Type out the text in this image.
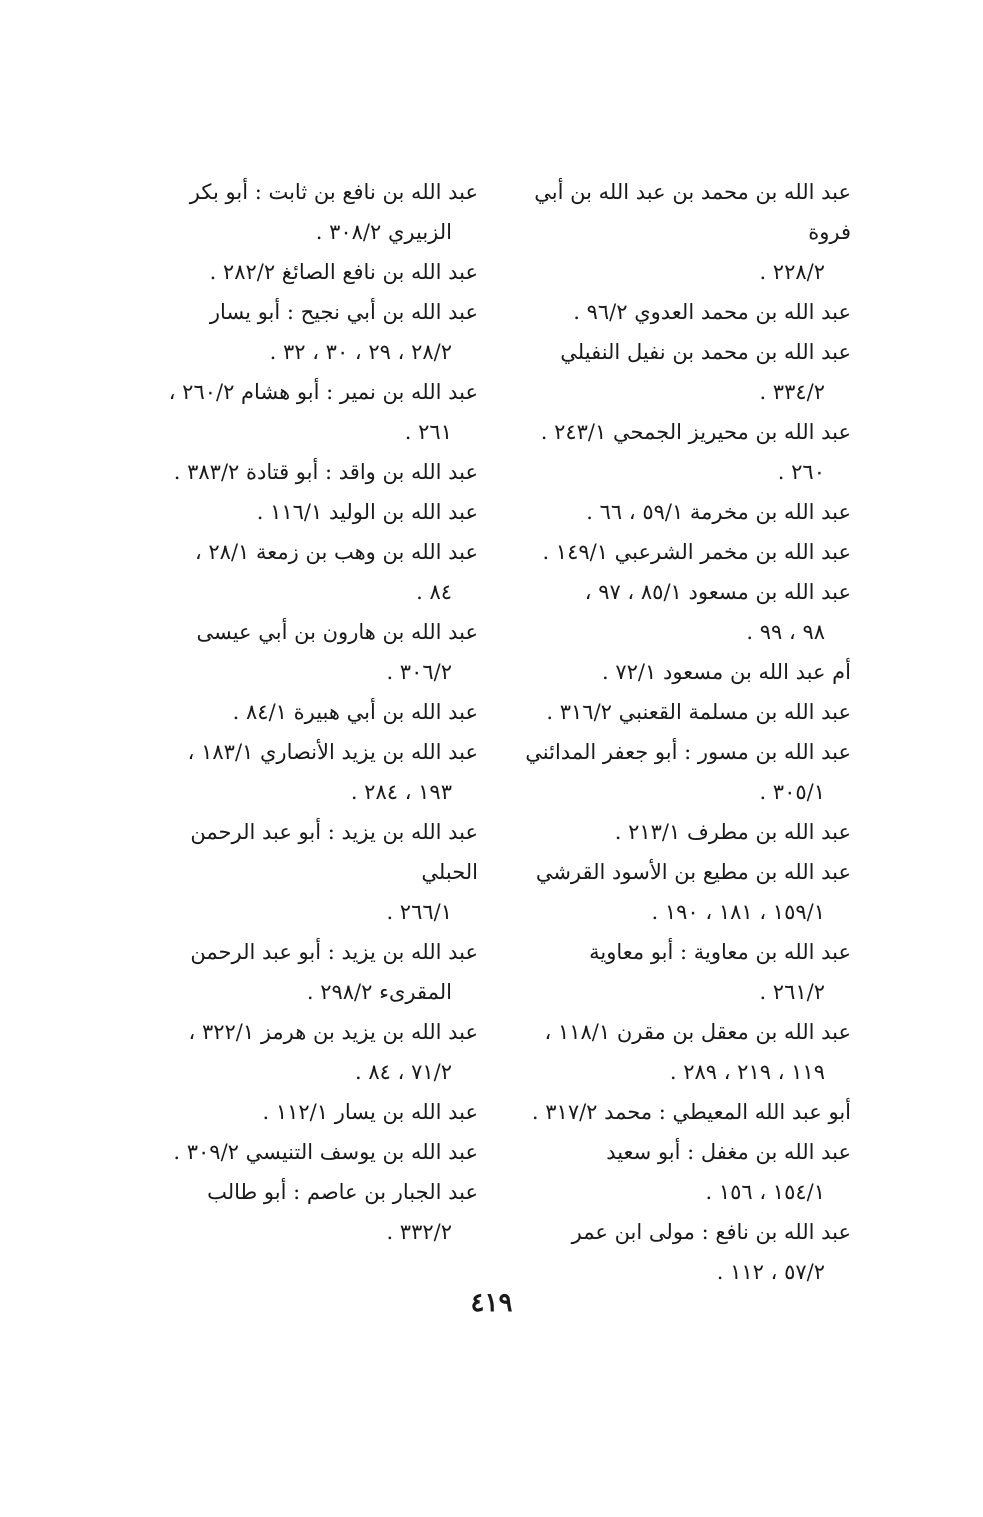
عبد الله بن محمد بن عبد الله بن أبي فروة
٢٢٨/٢ .

عبد الله بن محمد العدوي ٩٦/٢ .

عبد الله بن محمد بن نفيل النفيلي
٣٣٤/٢ .

عبد الله بن محيريز الجمحي ٢٤٣/١ .
٢٦٠ .

عبد الله بن مخرمة ٥٩/١ ، ٦٦ .

عبد الله بن مخمر الشرعبي ١٤٩/١ .

عبد الله بن مسعود ٨٥/١ ، ٩٧ ،
٩٨ ، ٩٩ .

أم عبد الله بن مسعود ٧٢/١ .

عبد الله بن مسلمة القعنبي ٣١٦/٢ .

عبد الله بن مسور : أبو جعفر المدائني
٣٠٥/١ .

عبد الله بن مطرف ٢١٣/١ .

عبد الله بن مطيع بن الأسود القرشي
١٥٩/١ ، ١٨١ ، ١٩٠ .

عبد الله بن معاوية : أبو معاوية
٢٦١/٢ .

عبد الله بن معقل بن مقرن ١١٨/١ ،
١١٩ ، ٢١٩ ، ٢٨٩ .

أبو عبد الله المعيطي : محمد ٣١٧/٢ .

عبد الله بن مغفل : أبو سعيد
١٥٤/١ ، ١٥٦ .

عبد الله بن نافع : مولى ابن عمر
٥٧/٢ ، ١١٢ .

عبد الله بن نافع بن ثابت : أبو بكر
الزبيري ٣٠٨/٢ .

عبد الله بن نافع الصائغ ٢٨٢/٢ .

عبد الله بن أبي نجيح : أبو يسار
٢٨/٢ ، ٢٩ ، ٣٠ ، ٣٢ .

عبد الله بن نمير : أبو هشام ٢٦٠/٢ ،
٢٦١ .

عبد الله بن واقد : أبو قتادة ٣٨٣/٢ .

عبد الله بن الوليد ١١٦/١ .

عبد الله بن وهب بن زمعة ٢٨/١ ،
٨٤ .

عبد الله بن هارون بن أبي عيسى
٣٠٦/٢ .

عبد الله بن أبي هبيرة ٨٤/١ .

عبد الله بن يزيد الأنصاري ١٨٣/١ ،
١٩٣ ، ٢٨٤ .

عبد الله بن يزيد : أبو عبد الرحمن الحبلي
٢٦٦/١ .

عبد الله بن يزيد : أبو عبد الرحمن
المقرىء ٢٩٨/٢ .

عبد الله بن يزيد بن هرمز ٣٢٢/١ ،
٧١/٢ ، ٨٤ .

عبد الله بن يسار ١١٢/١ .

عبد الله بن يوسف التنيسي ٣٠٩/٢ .

عبد الجبار بن عاصم : أبو طالب
٣٣٢/٢ .

٤١٩
